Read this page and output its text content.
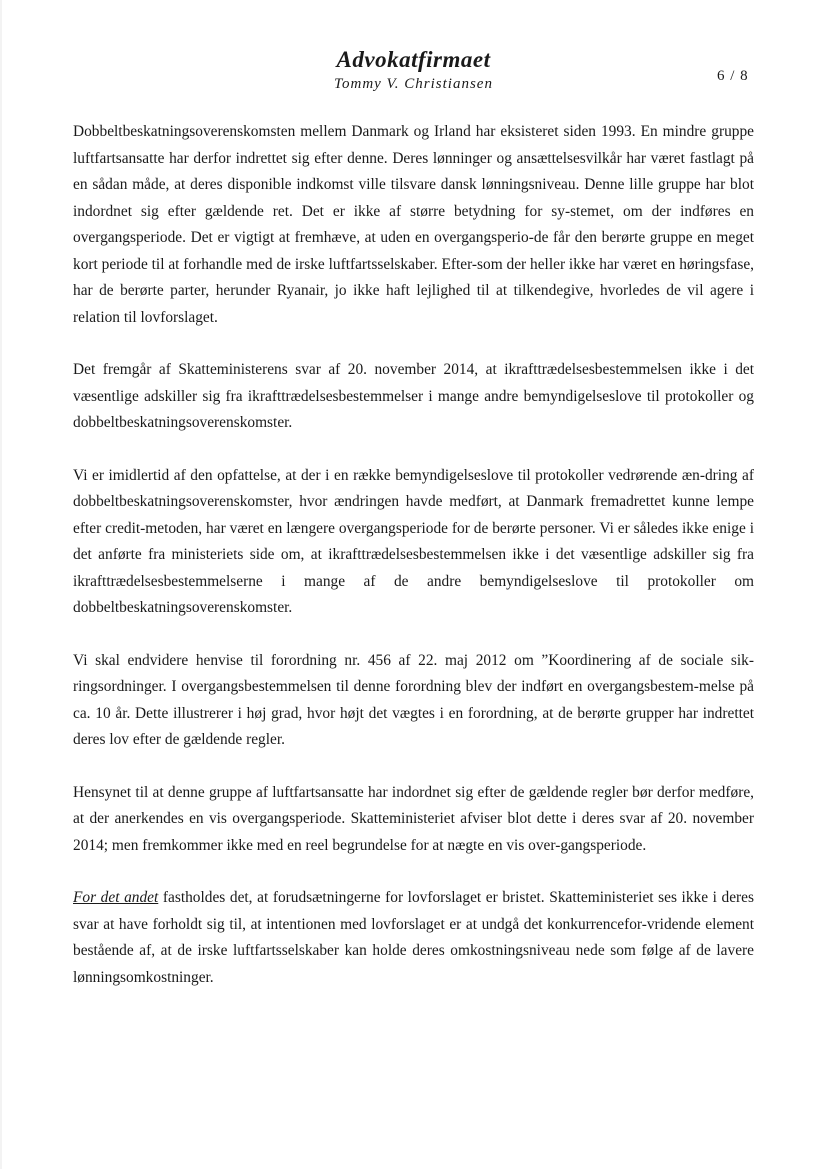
Advokatfirmaet
Tommy V. Christiansen	6 / 8

Dobbeltbeskatningsoverenskomsten mellem Danmark og Irland har eksisteret siden 1993. En mindre gruppe luftfartsansatte har derfor indrettet sig efter denne. Deres lønninger og ansættelsesvilkår har været fastlagt på en sådan måde, at deres disponible indkomst ville tilsvare dansk lønningsniveau. Denne lille gruppe har blot indordnet sig efter gældende ret. Det er ikke af større betydning for sy-stemet, om der indføres en overgangsperiode. Det er vigtigt at fremhæve, at uden en overgangsperio-de får den berørte gruppe en meget kort periode til at forhandle med de irske luftfartsselskaber. Efter-som der heller ikke har været en høringsfase, har de berørte parter, herunder Ryanair, jo ikke haft lejlighed til at tilkendegive, hvorledes de vil agere i relation til lovforslaget.

Det fremgår af Skatteministerens svar af 20. november 2014, at ikrafttrædelsesbestemmelsen ikke i det væsentlige adskiller sig fra ikrafttrædelsesbestemmelser i mange andre bemyndigelseslove til protokoller og dobbeltbeskatningsoverenskomster.

Vi er imidlertid af den opfattelse, at der i en række bemyndigelseslove til protokoller vedrørende æn-dring af dobbeltbeskatningsoverenskomster, hvor ændringen havde medført, at Danmark fremadrettet kunne lempe efter credit-metoden, har været en længere overgangsperiode for de berørte personer. Vi er således ikke enige i det anførte fra ministeriets side om, at ikrafttrædelsesbestemmelsen ikke i det væsentlige adskiller sig fra ikrafttrædelsesbestemmelserne i mange af de andre bemyndigelseslove til protokoller om dobbeltbeskatningsoverenskomster.

Vi skal endvidere henvise til forordning nr. 456 af 22. maj 2012 om ”Koordinering af de sociale sik-ringsordninger. I overgangsbestemmelsen til denne forordning blev der indført en overgangsbestem-melse på ca. 10 år. Dette illustrerer i høj grad, hvor højt det vægtes i en forordning, at de berørte grupper har indrettet deres lov efter de gældende regler.

Hensynet til at denne gruppe af luftfartsansatte har indordnet sig efter de gældende regler bør derfor medføre, at der anerkendes en vis overgangsperiode. Skatteministeriet afviser blot dette i deres svar af 20. november 2014; men fremkommer ikke med en reel begrundelse for at nægte en vis over-gangsperiode.

For det andet fastholdes det, at forudsætningerne for lovforslaget er bristet. Skatteministeriet ses ikke i deres svar at have forholdt sig til, at intentionen med lovforslaget er at undgå det konkurrencefor-vridende element bestående af, at de irske luftfartsselskaber kan holde deres omkostningsniveau nede som følge af de lavere lønningsomkostninger.
